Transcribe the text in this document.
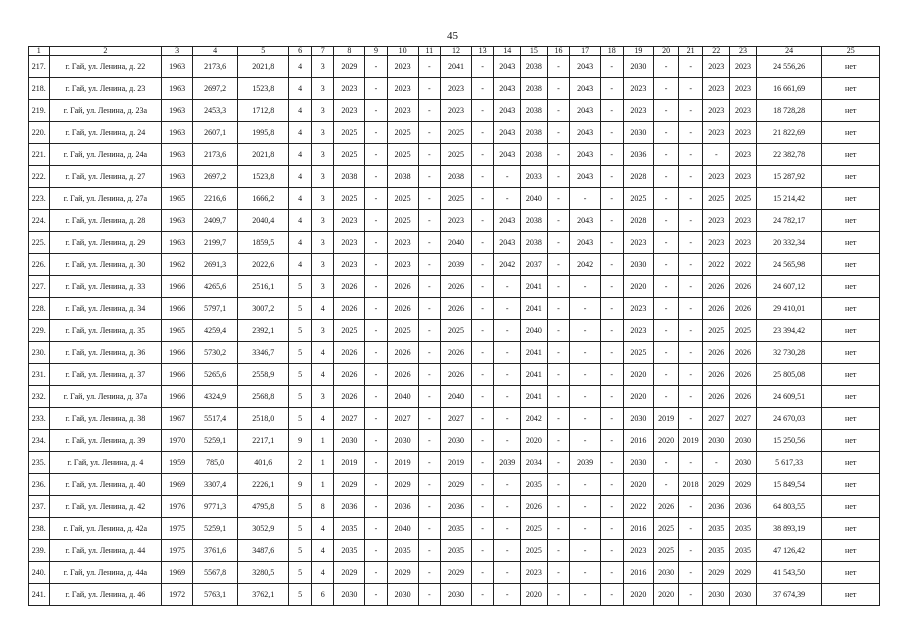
45
1	2	3	4	5	6	7	8	9	10	11	12	13	14	15	16	17	18	19	20	21	22	23	24	25
217.	г. Гай, ул. Ленина, д. 22	1963	2173,6	2021,8	4	3	2029	-	2023	-	2041	-	2043	2038	-	2043	-	2030	-	-	2023	2023	24 556,26	нет
218.	г. Гай, ул. Ленина, д. 23	1963	2697,2	1523,8	4	3	2023	-	2023	-	2023	-	2043	2038	-	2043	-	2023	-	-	2023	2023	16 661,69	нет
219.	г. Гай, ул. Ленина, д. 23а	1963	2453,3	1712,8	4	3	2023	-	2023	-	2023	-	2043	2038	-	2043	-	2023	-	-	2023	2023	18 728,28	нет
220.	г. Гай, ул. Ленина, д. 24	1963	2607,1	1995,8	4	3	2025	-	2025	-	2025	-	2043	2038	-	2043	-	2030	-	-	2023	2023	21 822,69	нет
221.	г. Гай, ул. Ленина, д. 24а	1963	2173,6	2021,8	4	3	2025	-	2025	-	2025	-	2043	2038	-	2043	-	2036	-	-	-	2023	22 382,78	нет
222.	г. Гай, ул. Ленина, д. 27	1963	2697,2	1523,8	4	3	2038	-	2038	-	2038	-	-	2033	-	2043	-	2028	-	-	2023	2023	15 287,92	нет
223.	г. Гай, ул. Ленина, д. 27а	1965	2216,6	1666,2	4	3	2025	-	2025	-	2025	-	-	2040	-	-	-	2025	-	-	2025	2025	15 214,42	нет
224.	г. Гай, ул. Ленина, д. 28	1963	2409,7	2040,4	4	3	2023	-	2025	-	2023	-	2043	2038	-	2043	-	2028	-	-	2023	2023	24 782,17	нет
225.	г. Гай, ул. Ленина, д. 29	1963	2199,7	1859,5	4	3	2023	-	2023	-	2040	-	2043	2038	-	2043	-	2023	-	-	2023	2023	20 332,34	нет
226.	г. Гай, ул. Ленина, д. 30	1962	2691,3	2022,6	4	3	2023	-	2023	-	2039	-	2042	2037	-	2042	-	2030	-	-	2022	2022	24 565,98	нет
227.	г. Гай, ул. Ленина, д. 33	1966	4265,6	2516,1	5	3	2026	-	2026	-	2026	-	-	2041	-	-	-	2020	-	-	2026	2026	24 607,12	нет
228.	г. Гай, ул. Ленина, д. 34	1966	5797,1	3007,2	5	4	2026	-	2026	-	2026	-	-	2041	-	-	-	2023	-	-	2026	2026	29 410,01	нет
229.	г. Гай, ул. Ленина, д. 35	1965	4259,4	2392,1	5	3	2025	-	2025	-	2025	-	-	2040	-	-	-	2023	-	-	2025	2025	23 394,42	нет
230.	г. Гай, ул. Ленина, д. 36	1966	5730,2	3346,7	5	4	2026	-	2026	-	2026	-	-	2041	-	-	-	2025	-	-	2026	2026	32 730,28	нет
231.	г. Гай, ул. Ленина, д. 37	1966	5265,6	2558,9	5	4	2026	-	2026	-	2026	-	-	2041	-	-	-	2020	-	-	2026	2026	25 805,08	нет
232.	г. Гай, ул. Ленина, д. 37а	1966	4324,9	2568,8	5	3	2026	-	2040	-	2040	-	-	2041	-	-	-	2020	-	-	2026	2026	24 609,51	нет
233.	г. Гай, ул. Ленина, д. 38	1967	5517,4	2518,0	5	4	2027	-	2027	-	2027	-	-	2042	-	-	-	2030	2019	-	2027	2027	24 670,03	нет
234.	г. Гай, ул. Ленина, д. 39	1970	5259,1	2217,1	9	1	2030	-	2030	-	2030	-	-	2020	-	-	-	2016	2020	2019	2030	2030	15 250,56	нет
235.	г. Гай, ул. Ленина, д. 4	1959	785,0	401,6	2	1	2019	-	2019	-	2019	-	2039	2034	-	2039	-	2030	-	-	-	2030	5 617,33	нет
236.	г. Гай, ул. Ленина, д. 40	1969	3307,4	2226,1	9	1	2029	-	2029	-	2029	-	-	2035	-	-	-	2020	-	2018	2029	2029	15 849,54	нет
237.	г. Гай, ул. Ленина, д. 42	1976	9771,3	4795,8	5	8	2036	-	2036	-	2036	-	-	2026	-	-	-	2022	2026	-	2036	2036	64 803,55	нет
238.	г. Гай, ул. Ленина, д. 42а	1975	5259,1	3052,9	5	4	2035	-	2040	-	2035	-	-	2025	-	-	-	2016	2025	-	2035	2035	38 893,19	нет
239.	г. Гай, ул. Ленина, д. 44	1975	3761,6	3487,6	5	4	2035	-	2035	-	2035	-	-	2025	-	-	-	2023	2025	-	2035	2035	47 126,42	нет
240.	г. Гай, ул. Ленина, д. 44а	1969	5567,8	3280,5	5	4	2029	-	2029	-	2029	-	-	2023	-	-	-	2016	2030	-	2029	2029	41 543,50	нет
241.	г. Гай, ул. Ленина, д. 46	1972	5763,1	3762,1	5	6	2030	-	2030	-	2030	-	-	2020	-	-	-	2020	2020	-	2030	2030	37 674,39	нет
